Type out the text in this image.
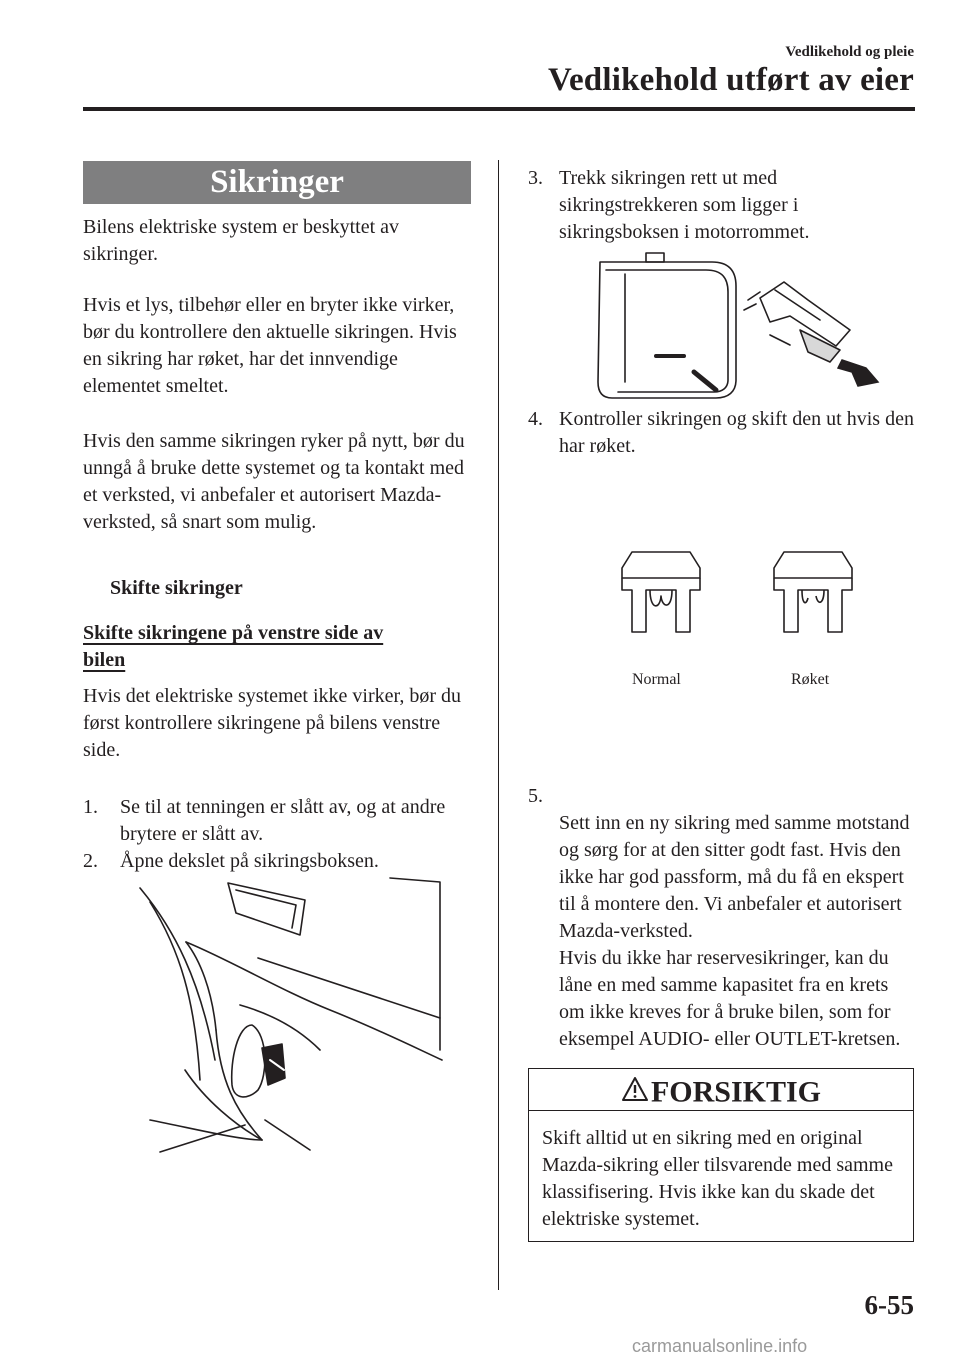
Vedlikehold og pleie
Vedlikehold utført av eier
Sikringer
Bilens elektriske system er beskyttet av sikringer.
Hvis et lys, tilbehør eller en bryter ikke virker, bør du kontrollere den aktuelle sikringen. Hvis en sikring har røket, har det innvendige elementet smeltet.
Hvis den samme sikringen ryker på nytt, bør du unngå å bruke dette systemet og ta kontakt med et verksted, vi anbefaler et autorisert Mazda-verksted, så snart som mulig.
Skifte sikringer
Skifte sikringene på venstre side av bilen
Hvis det elektriske systemet ikke virker, bør du først kontrollere sikringene på bilens venstre side.
1. Se til at tenningen er slått av, og at andre brytere er slått av.
2. Åpne dekslet på sikringsboksen.
3. Trekk sikringen rett ut med sikringstrekkeren som ligger i sikringsboksen i motorrommet.
4. Kontroller sikringen og skift den ut hvis den har røket.
Normal	Røket

5.

Sett inn en ny sikring med samme motstand og sørg for at den sitter godt fast. Hvis den ikke har god passform, må du få en ekspert til å montere den. Vi anbefaler et autorisert Mazda-verksted.
Hvis du ikke har reservesikringer, kan du låne en med samme kapasitet fra en krets om ikke kreves for å bruke bilen, som for eksempel AUDIO- eller OUTLET-kretsen.

FORSIKTIG
Skift alltid ut en sikring med en original Mazda-sikring eller tilsvarende med samme klassifisering. Hvis ikke kan du skade det elektriske systemet.
6-55
carmanualsonline.info
